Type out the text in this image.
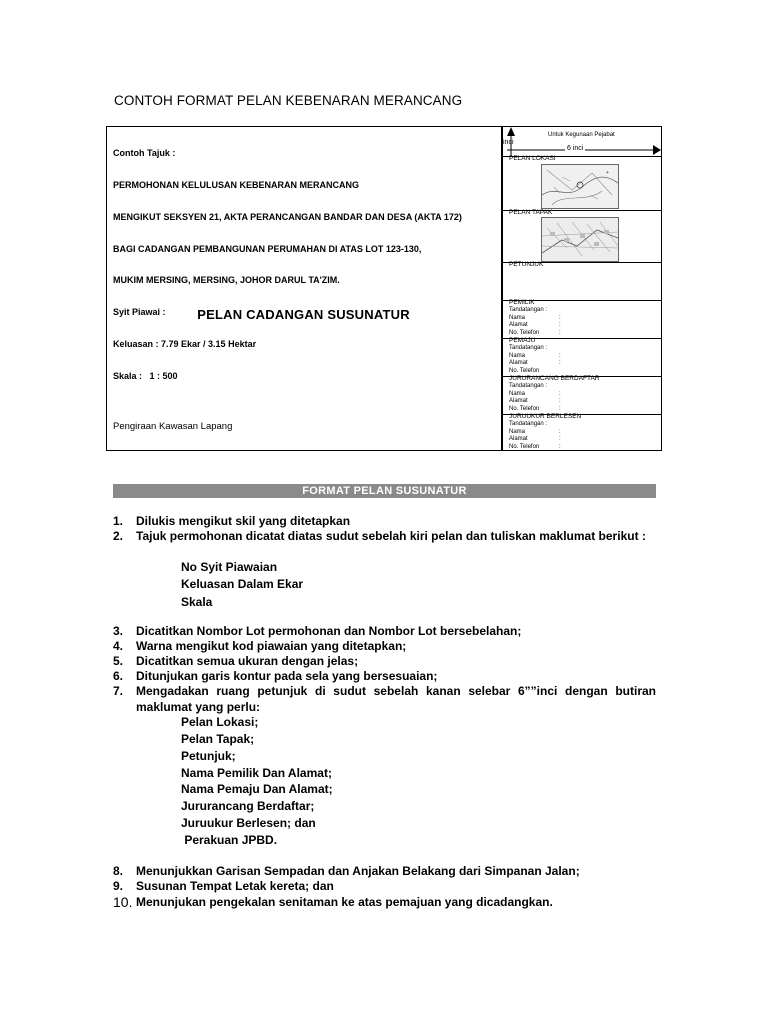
CONTOH FORMAT PELAN KEBENARAN MERANCANG

Contoh Tajuk :

PERMOHONAN KELULUSAN KEBENARAN MERANCANG

MENGIKUT SEKSYEN 21, AKTA PERANCANGAN BANDAR DAN DESA (AKTA 172)

BAGI CADANGAN PEMBANGUNAN PERUMAHAN DI ATAS LOT 123-130,

MUKIM MERSING, MERSING, JOHOR DARUL TA'ZIM.

Syit Piawai :

Keluasan : 7.79 Ekar / 3.15 Hektar

Skala :   1 : 500

PELAN CADANGAN SUSUNATUR
Pengiraan Kawasan Lapang
Untuk Kegunaan Pejabat
inci
6 inci
PELAN LOKASI
+
PELAN TAPAK
PETUNJUK
PEMILIK
Tandatangan :
Nama	:
Alamat	:
No. Telefon	:
PEMAJU
Tandatangan :
Nama	:
Alamat	:
No. Telefon
JURURANCANG BERDAFTAR
Tandatangan :
Nama	:
Alamat	:
No. Telefon	:
JURUUKUR BERLESEN
Tandatangan :
Nama	:
Alamat	:
No. Telefon	:
FORMAT PELAN SUSUNATUR
1.	Dilukis mengikut skil yang ditetapkan
2.	Tajuk permohonan dicatat diatas sudut sebelah kiri pelan dan tuliskan maklumat berikut :
No Syit Piawaian
Keluasan Dalam Ekar
Skala
3.	Dicatitkan Nombor Lot permohonan dan Nombor Lot bersebelahan;
4.	Warna mengikut kod piawaian yang ditetapkan;
5.	Dicatitkan semua ukuran dengan jelas;
6.	Ditunjukan garis kontur pada sela yang bersesuaian;
7.	Mengadakan ruang petunjuk di sudut sebelah kanan selebar 6””inci dengan butiran maklumat yang perlu:
Pelan Lokasi;
Pelan Tapak;
Petunjuk;
Nama Pemilik Dan Alamat;
Nama Pemaju Dan Alamat;
Jururancang Berdaftar;
Juruukur Berlesen; dan
Perakuan JPBD.
8.	Menunjukkan Garisan Sempadan dan Anjakan Belakang dari Simpanan Jalan;
9.	Susunan Tempat Letak kereta; dan
10. Menunjukan pengekalan senitaman ke atas pemajuan yang dicadangkan.
